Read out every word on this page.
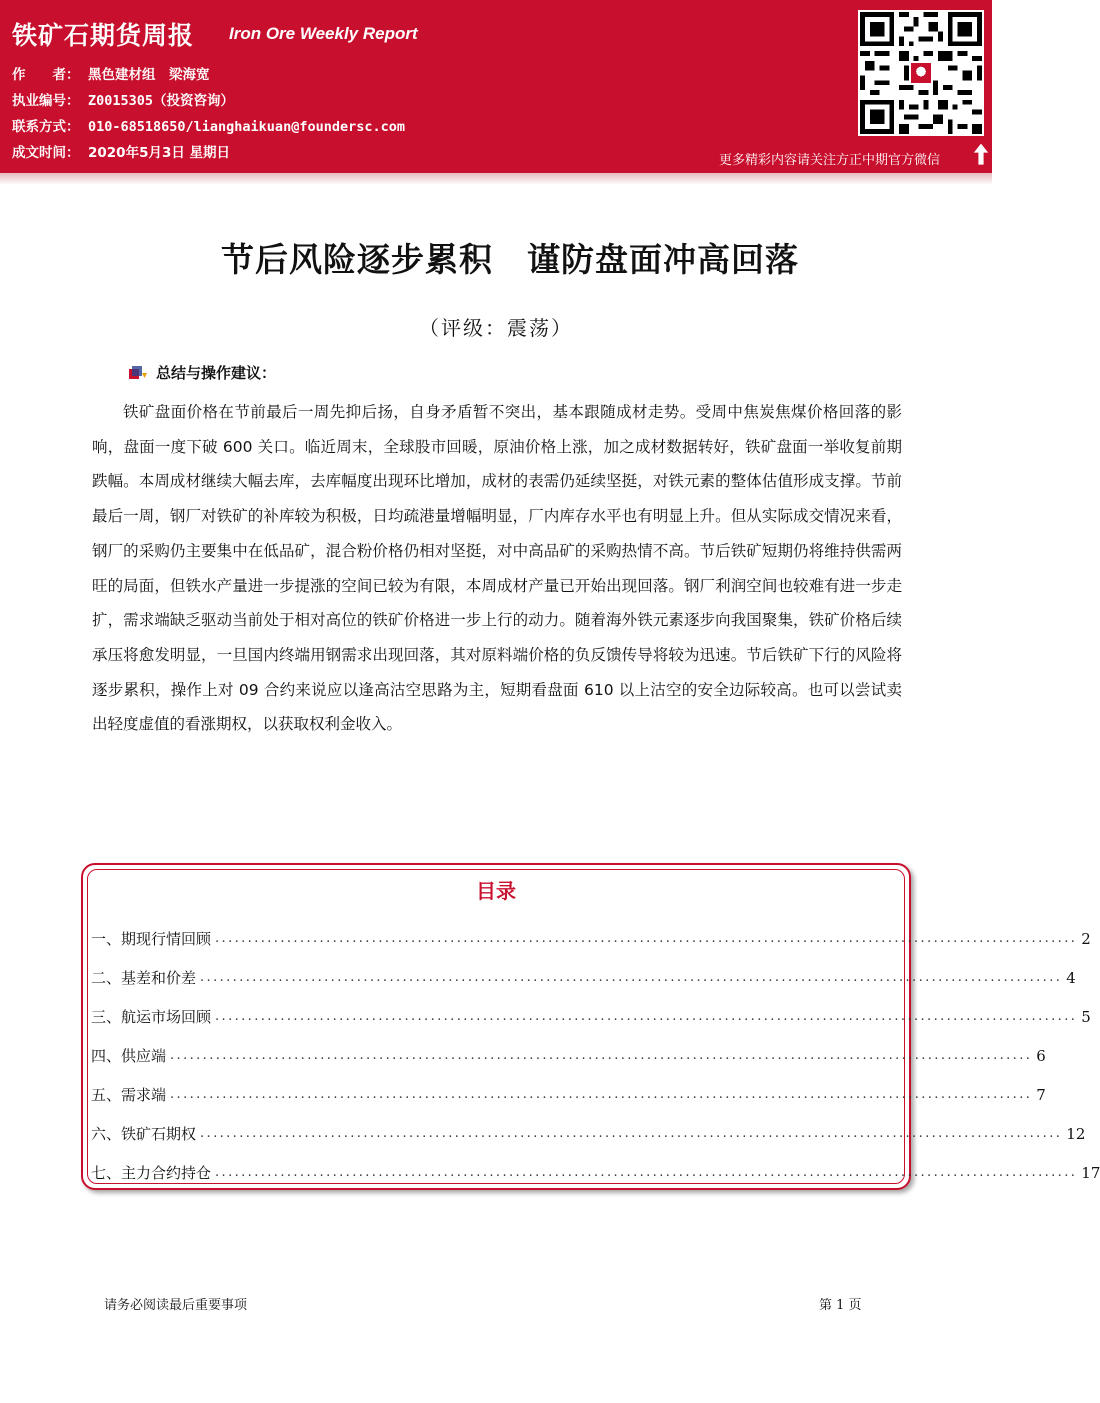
铁矿石期货周报 Iron Ore Weekly Report
作　　者： 黑色建材组　梁海宽
执业编号： Z0015305（投资咨询）
联系方式： 010-68518650/lianghaikuan@foundersc.com
成文时间： 2020年5月3日 星期日	更多精彩内容请关注方正中期官方微信
节后风险逐步累积　谨防盘面冲高回落
（评级：震荡）
总结与操作建议：

铁矿盘面价格在节前最后一周先抑后扬，自身矛盾暂不突出，基本跟随成材走势。受周中焦炭焦煤价格回落的影响，盘面一度下破 600 关口。临近周末，全球股市回暖，原油价格上涨，加之成材数据转好，铁矿盘面一举收复前期跌幅。本周成材继续大幅去库，去库幅度出现环比增加，成材的表需仍延续坚挺，对铁元素的整体估值形成支撑。节前最后一周，钢厂对铁矿的补库较为积极，日均疏港量增幅明显，厂内库存水平也有明显上升。但从实际成交情况来看，钢厂的采购仍主要集中在低品矿，混合粉价格仍相对坚挺，对中高品矿的采购热情不高。节后铁矿短期仍将维持供需两旺的局面，但铁水产量进一步提涨的空间已较为有限，本周成材产量已开始出现回落。钢厂利润空间也较难有进一步走扩，需求端缺乏驱动当前处于相对高位的铁矿价格进一步上行的动力。随着海外铁元素逐步向我国聚集，铁矿价格后续承压将愈发明显，一旦国内终端用钢需求出现回落，其对原料端价格的负反馈传导将较为迅速。节后铁矿下行的风险将逐步累积，操作上对 09 合约来说应以逢高沽空思路为主，短期看盘面 610 以上沽空的安全边际较高。也可以尝试卖出轻度虚值的看涨期权，以获取权利金收入。

目录
一、期现行情回顾 .................................................................................................................................... 2
二、基差和价差 .................................................................................................................................... 4
三、航运市场回顾 .................................................................................................................................... 5
四、供应端 .................................................................................................................................... 6
五、需求端 .................................................................................................................................... 7
六、铁矿石期权 .................................................................................................................................... 12
七、主力合约持仓 .................................................................................................................................... 17
请务必阅读最后重要事项	第 1 页
